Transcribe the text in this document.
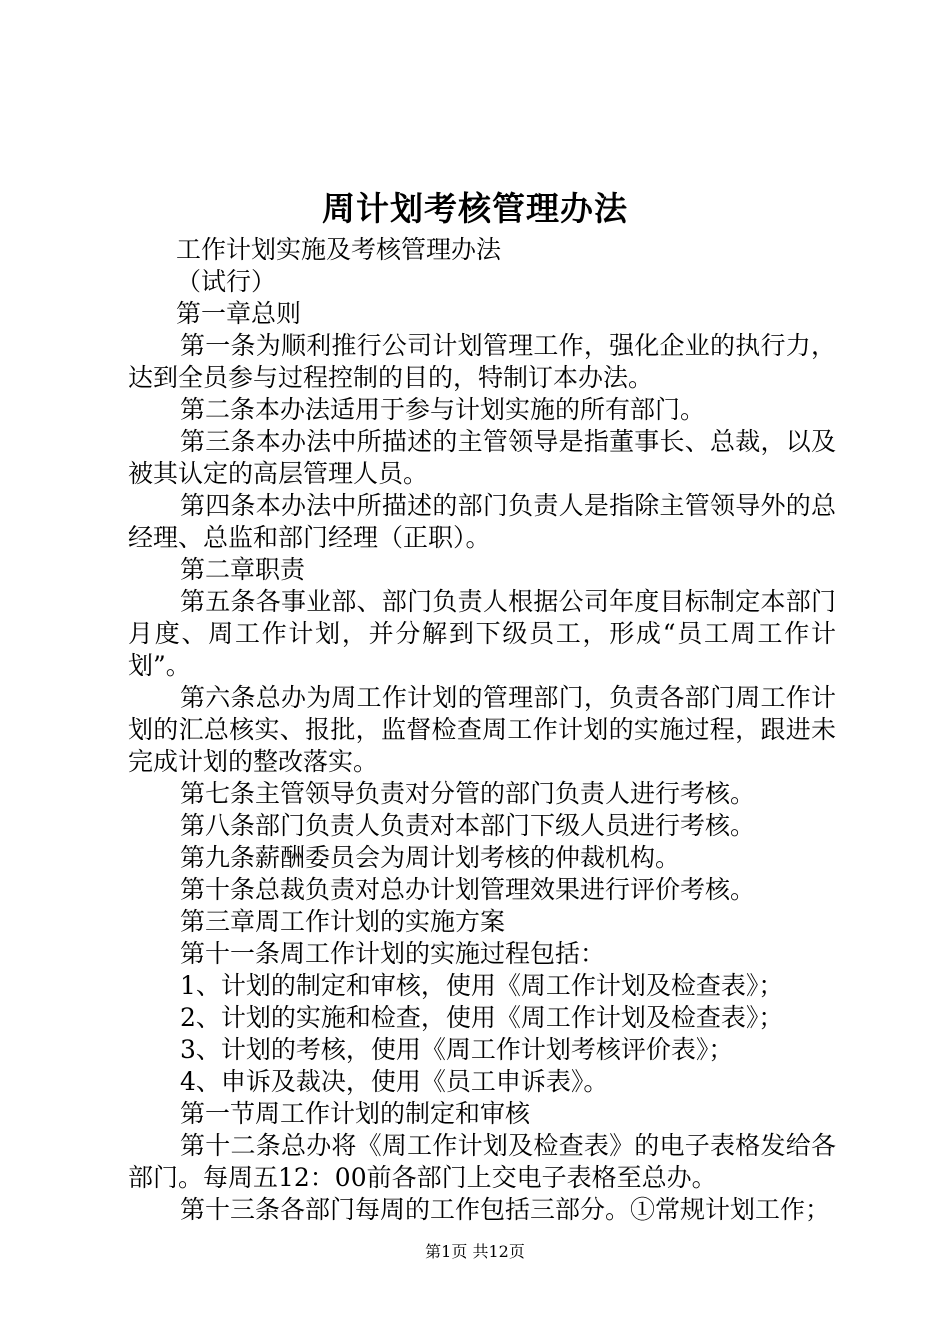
周计划考核管理办法

工作计划实施及考核管理办法

（试行）

第一章总则

第一条为顺利推行公司计划管理工作，强化企业的执行力，达到全员参与过程控制的目的，特制订本办法。

第二条本办法适用于参与计划实施的所有部门。

第三条本办法中所描述的主管领导是指董事长、总裁，以及被其认定的高层管理人员。

第四条本办法中所描述的部门负责人是指除主管领导外的总经理、总监和部门经理（正职）。

第二章职责

第五条各事业部、部门负责人根据公司年度目标制定本部门月度、周工作计划，并分解到下级员工，形成“员工周工作计划”。

第六条总办为周工作计划的管理部门，负责各部门周工作计划的汇总核实、报批，监督检查周工作计划的实施过程，跟进未完成计划的整改落实。

第七条主管领导负责对分管的部门负责人进行考核。

第八条部门负责人负责对本部门下级人员进行考核。

第九条薪酬委员会为周计划考核的仲裁机构。

第十条总裁负责对总办计划管理效果进行评价考核。

第三章周工作计划的实施方案

第十一条周工作计划的实施过程包括：

1、计划的制定和审核，使用《周工作计划及检查表》；

2、计划的实施和检查，使用《周工作计划及检查表》；

3、计划的考核，使用《周工作计划考核评价表》；

4、申诉及裁决，使用《员工申诉表》。

第一节周工作计划的制定和审核

第十二条总办将《周工作计划及检查表》的电子表格发给各部门。每周五12：00前各部门上交电子表格至总办。

第十三条各部门每周的工作包括三部分。①常规计划工作；

第1页 共12页
